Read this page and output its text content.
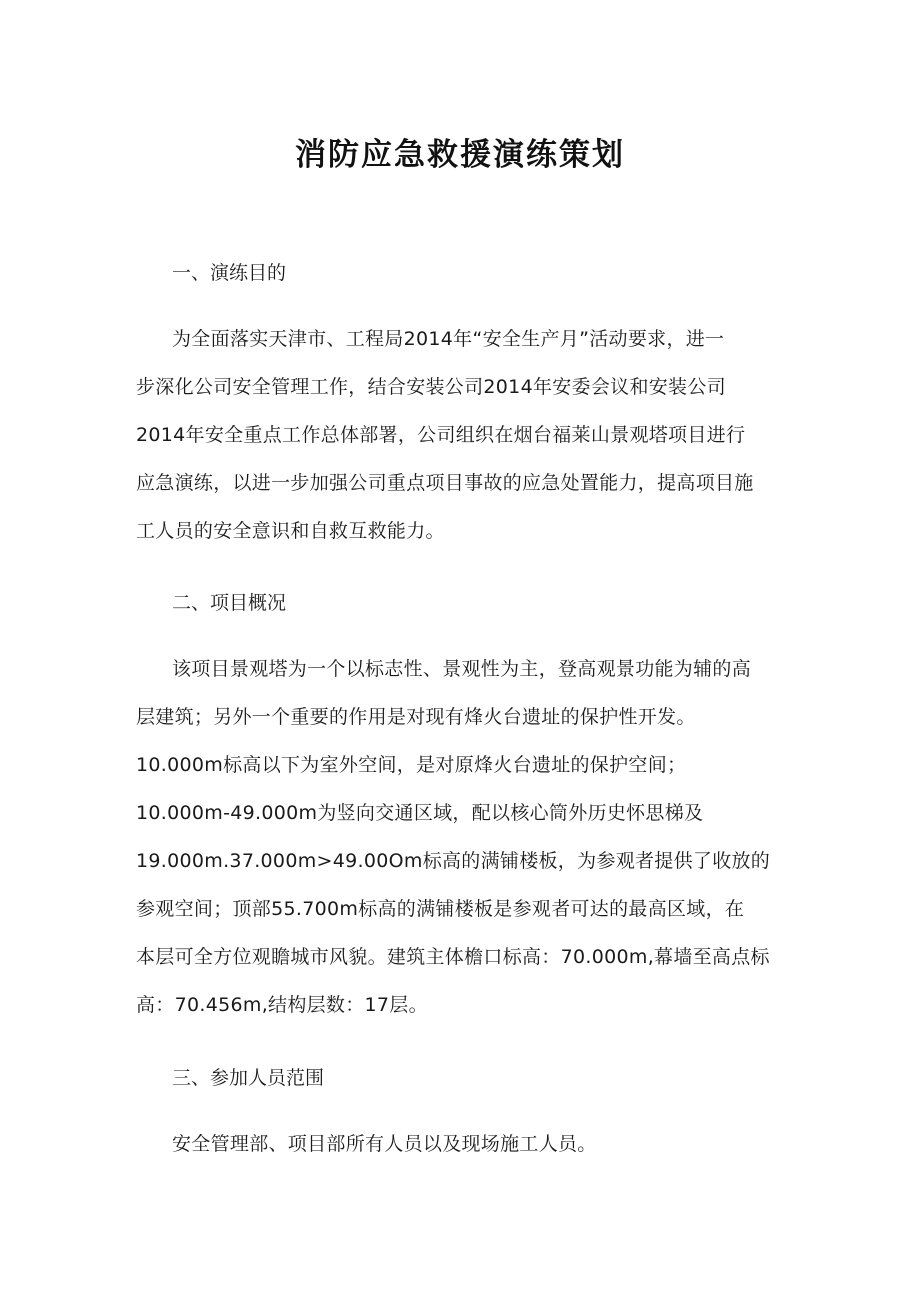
消防应急救援演练策划
一、演练目的
为全面落实天津市、工程局2014年“安全生产月”活动要求，进一
步深化公司安全管理工作，结合安装公司2014年安委会议和安装公司
2014年安全重点工作总体部署，公司组织在烟台福莱山景观塔项目进行
应急演练，以进一步加强公司重点项目事故的应急处置能力，提高项目施
工人员的安全意识和自救互救能力。
二、项目概况
该项目景观塔为一个以标志性、景观性为主，登高观景功能为辅的高
层建筑；另外一个重要的作用是对现有烽火台遗址的保护性开发。
10.000m标高以下为室外空间，是对原烽火台遗址的保护空间；
10.000m-49.000m为竖向交通区域，配以核心筒外历史怀思梯及
19.000m.37.000m>49.00Om标高的满铺楼板，为参观者提供了收放的
参观空间；顶部55.700m标高的满铺楼板是参观者可达的最高区域，在
本层可全方位观瞻城市风貌。建筑主体檐口标高：70.000m,幕墙至高点标
高：70.456m,结构层数：17层。
三、参加人员范围
安全管理部、项目部所有人员以及现场施工人员。
